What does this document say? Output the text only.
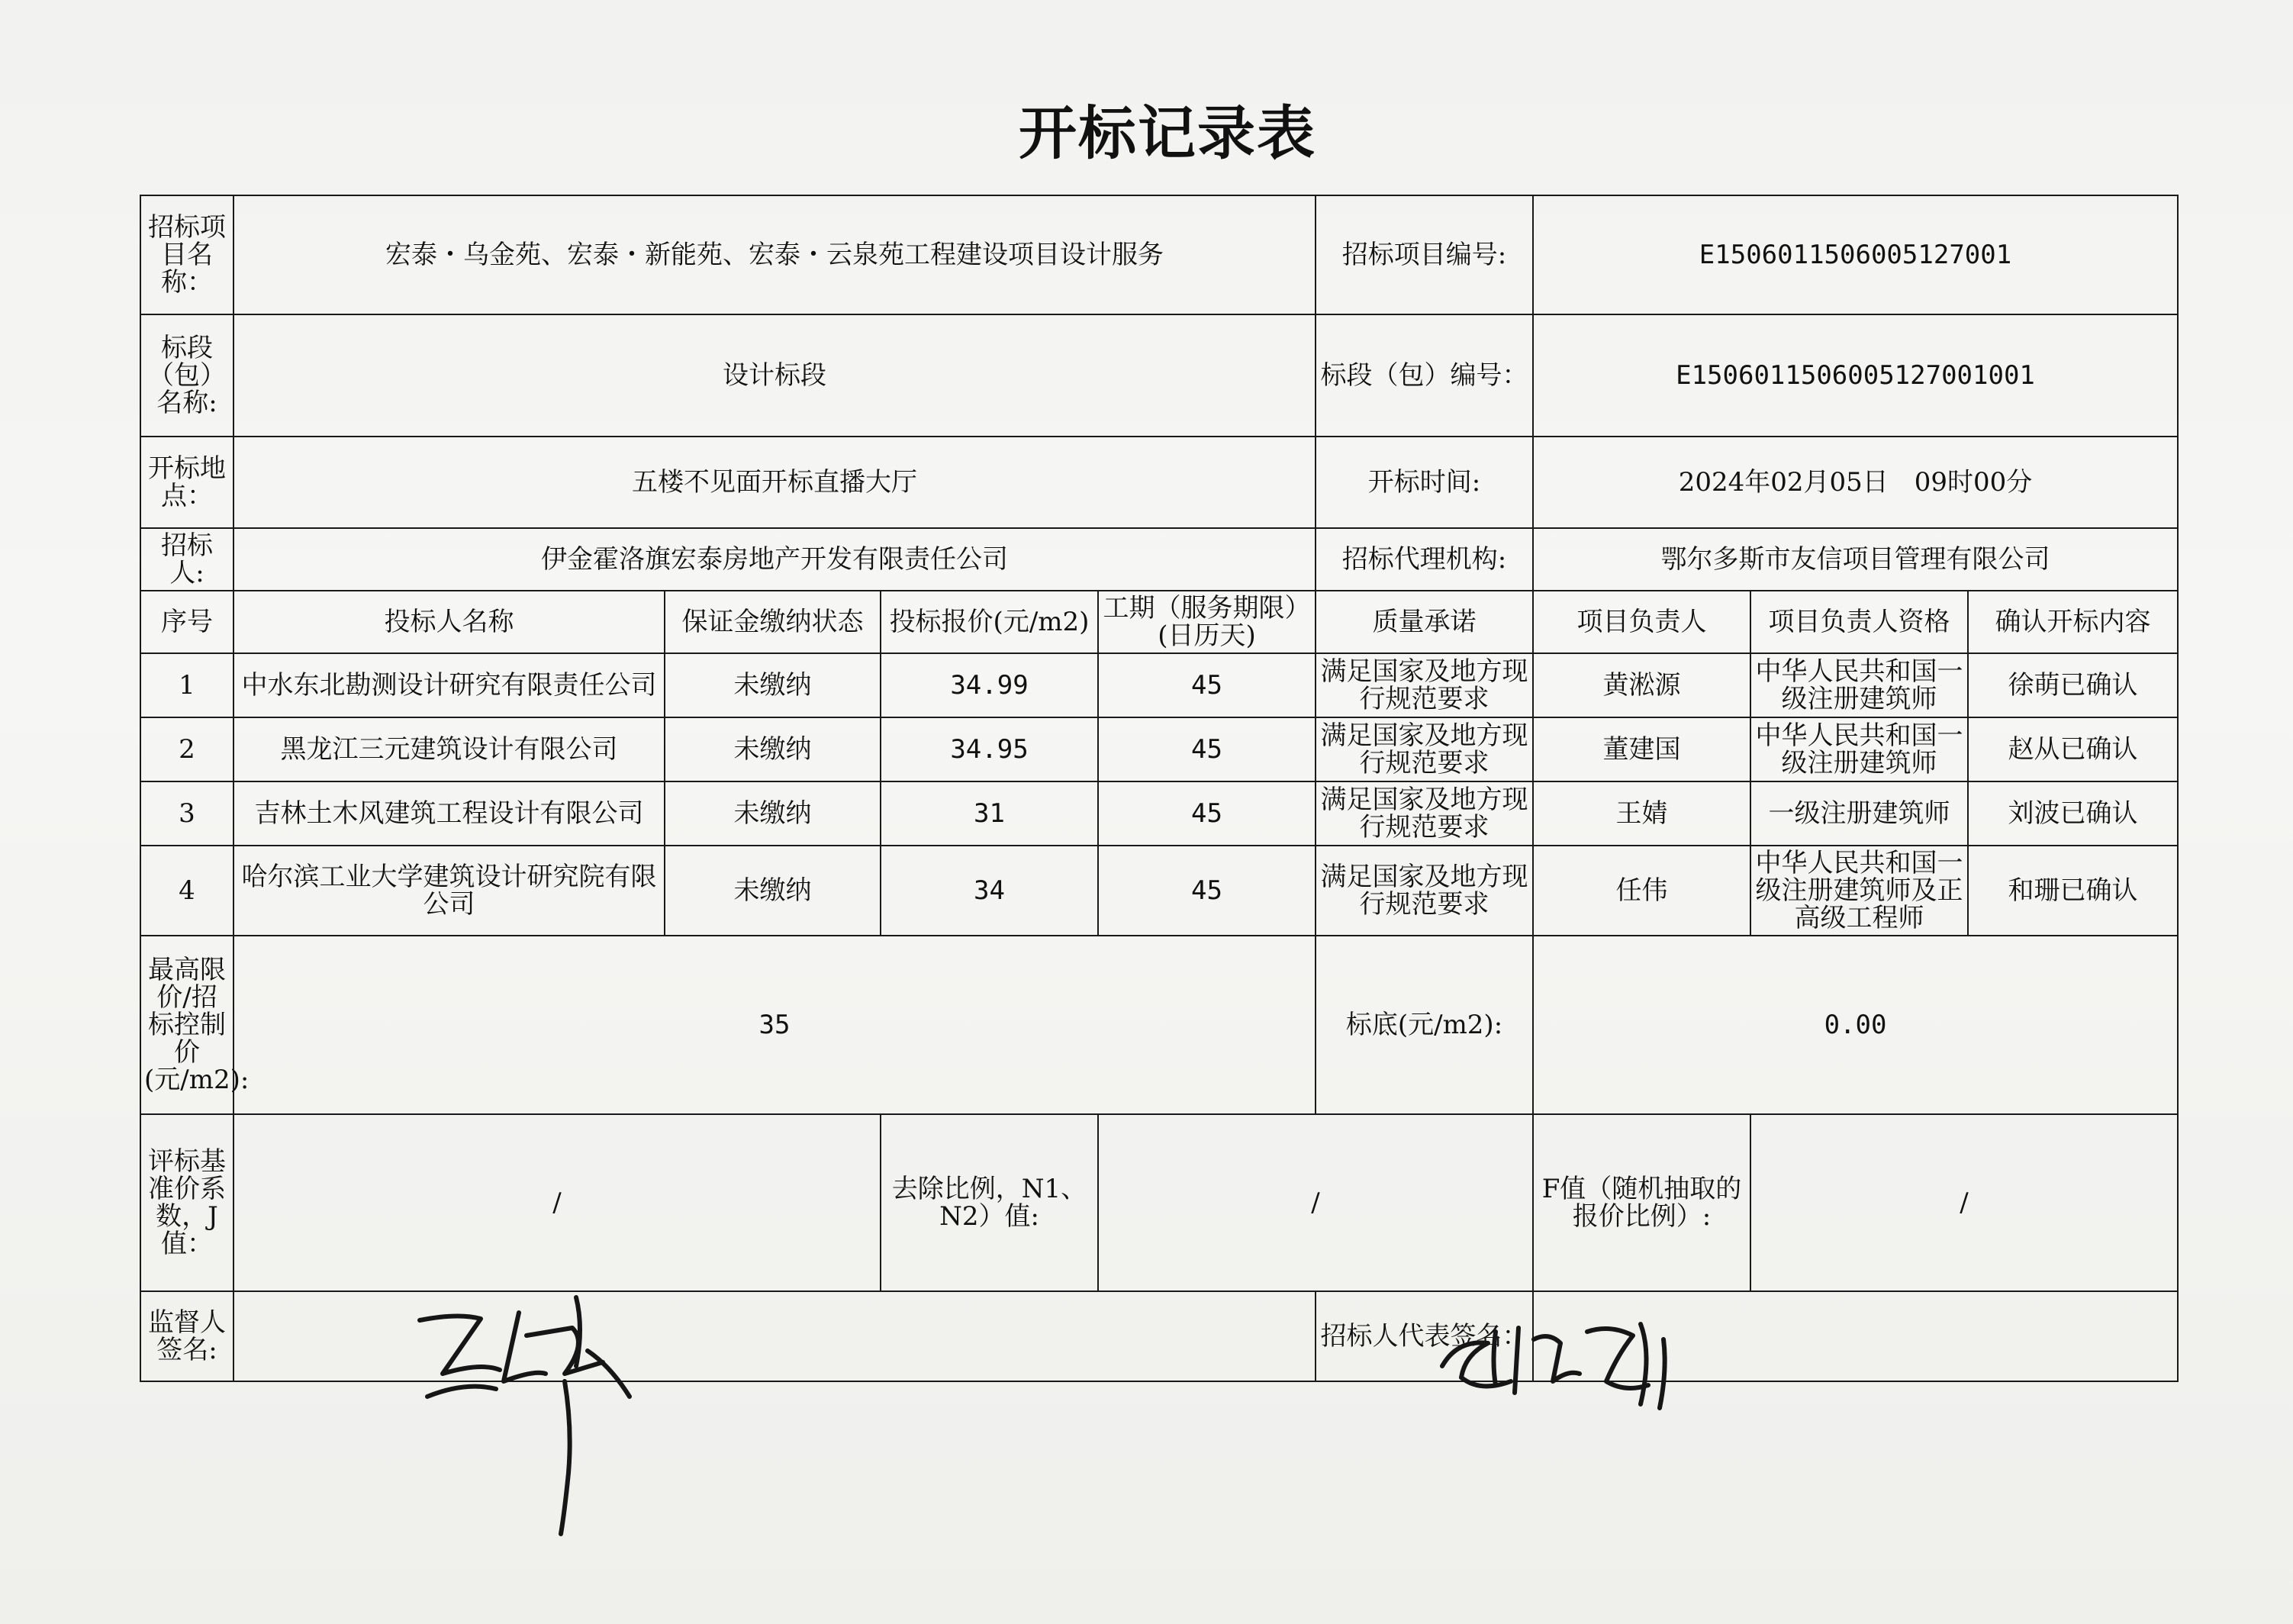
开标记录表
招标项目名称：	宏泰・乌金苑、宏泰・新能苑、宏泰・云泉苑工程建设项目设计服务				招标项目编号:	E1506011506005127001		
标段（包）名称:	设计标段				标段（包）编号：	E1506011506005127001001		
开标地点：	五楼不见面开标直播大厅				开标时间:	2024年02月05日　09时00分		
招标人:	伊金霍洛旗宏泰房地产开发有限责任公司				招标代理机构:	鄂尔多斯市友信项目管理有限公司		
序号	投标人名称	保证金缴纳状态	投标报价(元/m2)	工期（服务期限）(日历天)	质量承诺	项目负责人	项目负责人资格	确认开标内容
1	中水东北勘测设计研究有限责任公司	未缴纳	34.99	45	满足国家及地方现行规范要求	黄淞源	中华人民共和国一级注册建筑师	徐萌已确认
2	黑龙江三元建筑设计有限公司	未缴纳	34.95	45	满足国家及地方现行规范要求	董建国	中华人民共和国一级注册建筑师	赵从已确认
3	吉林土木风建筑工程设计有限公司	未缴纳	31	45	满足国家及地方现行规范要求	王婧	一级注册建筑师	刘波已确认
4	哈尔滨工业大学建筑设计研究院有限公司	未缴纳	34	45	满足国家及地方现行规范要求	任伟	中华人民共和国一级注册建筑师及正高级工程师	和珊已确认
最高限价/招标控制价(元/m2):	35				标底(元/m2):	0.00		
评标基准价系数，J值：	/		去除比例，N1、N2）值:	/		F值（随机抽取的报价比例）:	/	
监督人签名:					招标人代表签名：			
